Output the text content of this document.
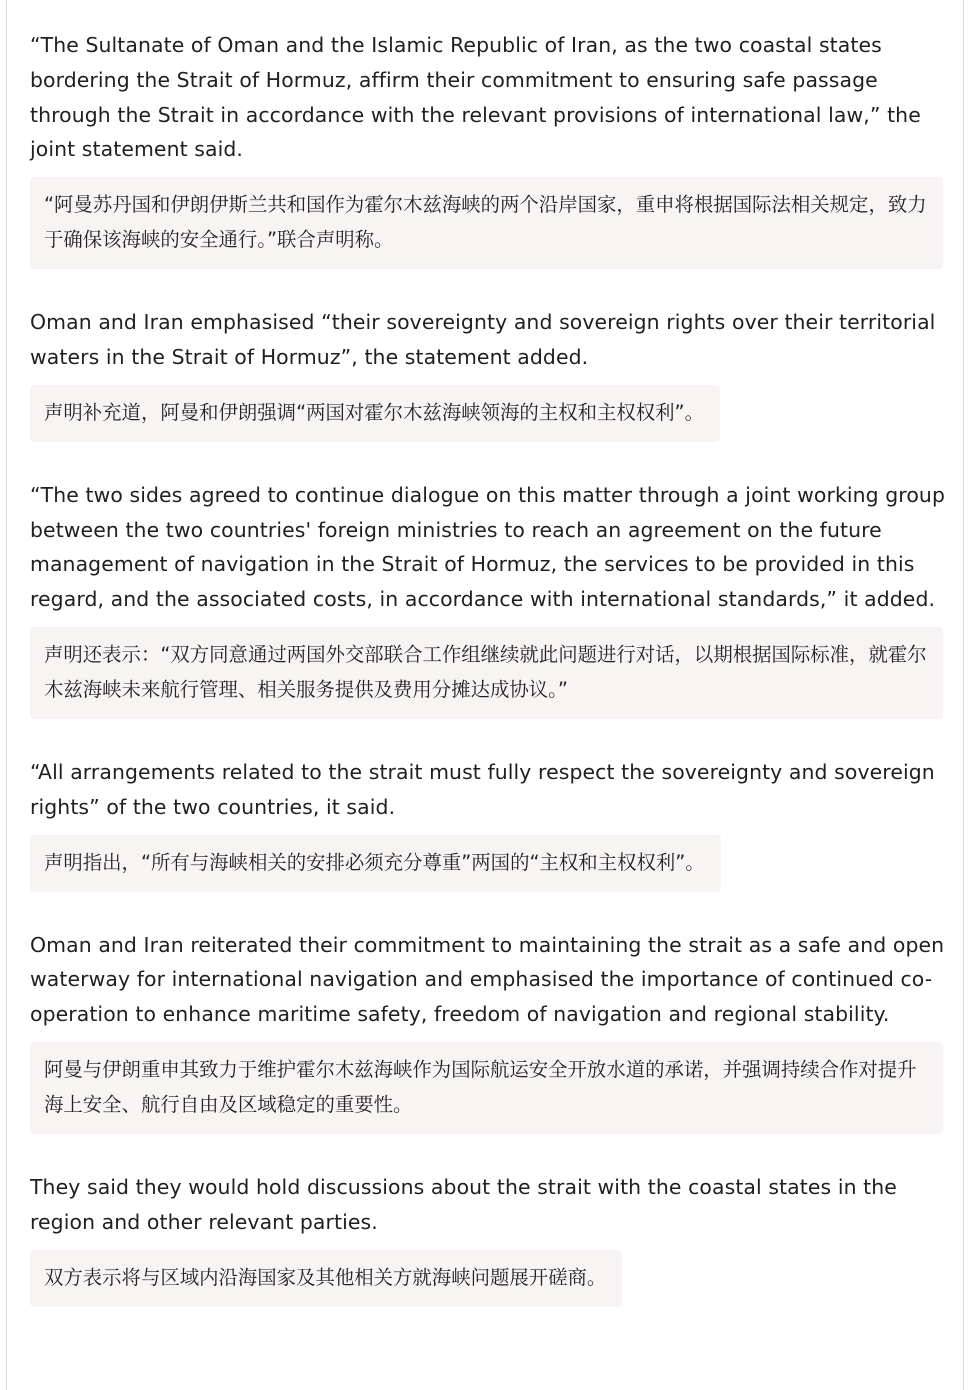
“The Sultanate of Oman and the Islamic Republic of Iran, as the two coastal states bordering the Strait of Hormuz, affirm their commitment to ensuring safe passage through the Strait in accordance with the relevant provisions of international law,” the joint statement said.

“阿曼苏丹国和伊朗伊斯兰共和国作为霍尔木兹海峡的两个沿岸国家，重申将根据国际法相关规定，致力于确保该海峡的安全通行。”联合声明称。

Oman and Iran emphasised “their sovereignty and sovereign rights over their territorial waters in the Strait of Hormuz”, the statement added.

声明补充道，阿曼和伊朗强调“两国对霍尔木兹海峡领海的主权和主权权利”。

“The two sides agreed to continue dialogue on this matter through a joint working group between the two countries' foreign ministries to reach an agreement on the future management of navigation in the Strait of Hormuz, the services to be provided in this regard, and the associated costs, in accordance with international standards,” it added.

声明还表示：“双方同意通过两国外交部联合工作组继续就此问题进行对话，以期根据国际标准，就霍尔木兹海峡未来航行管理、相关服务提供及费用分摊达成协议。”

“All arrangements related to the strait must fully respect the sovereignty and sovereign rights” of the two countries, it said.

声明指出，“所有与海峡相关的安排必须充分尊重”两国的“主权和主权权利”。

Oman and Iran reiterated their commitment to maintaining the strait as a safe and open waterway for international navigation and emphasised the importance of continued co-operation to enhance maritime safety, freedom of navigation and regional stability.

阿曼与伊朗重申其致力于维护霍尔木兹海峡作为国际航运安全开放水道的承诺，并强调持续合作对提升海上安全、航行自由及区域稳定的重要性。

They said they would hold discussions about the strait with the coastal states in the region and other relevant parties.

双方表示将与区域内沿海国家及其他相关方就海峡问题展开磋商。
